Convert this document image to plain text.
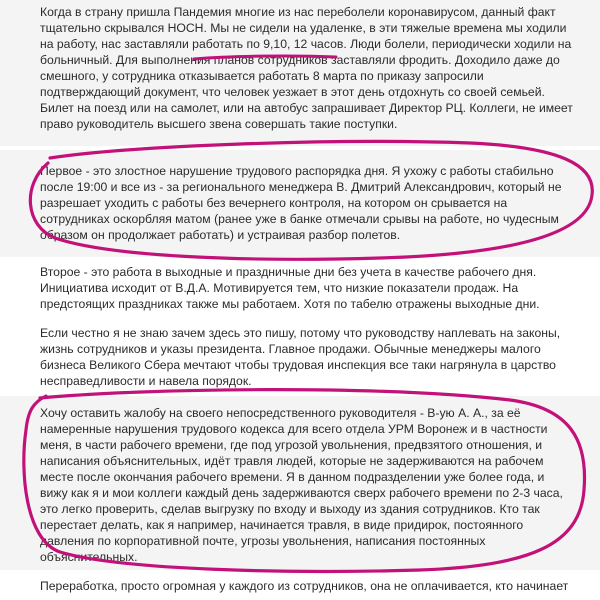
Когда в страну пришла Пандемия многие из нас переболели коронавирусом, данный факт
тщательно скрывался НОСН. Мы не сидели на удаленке, в эти тяжелые времена мы ходили
на работу, нас заставляли работать по 9,10, 12 часов. Люди болели, периодически ходили на
больничный. Для выполнения планов сотрудников заставляли фродить. Доходило даже до
смешного, у сотрудника отказывается работать 8 марта по приказу запросили
подтверждающий документ, что человек уезжает в этот день отдохнуть со своей семьей.
Билет на поезд или на самолет, или на автобус запрашивает Директор РЦ. Коллеги, не имеет
право руководитель высшего звена совершать такие поступки.
Первое - это злостное нарушение трудового распорядка дня. Я ухожу с работы стабильно
после 19:00 и все из - за регионального менеджера В. Дмитрий Александрович, который не
разрешает уходить с работы без вечернего контроля, на котором он срывается на
сотрудниках оскорбляя матом (ранее уже в банке отмечали срывы на работе, но чудесным
образом он продолжает работать) и устраивая разбор полетов.
Второе - это работа в выходные и праздничные дни без учета в качестве рабочего дня.
Инициатива исходит от В.Д.А. Мотивируется тем, что низкие показатели продаж. На
предстоящих праздниках также мы работаем. Хотя по табелю отражены выходные дни.
Если честно я не знаю зачем здесь это пишу, потому что руководству наплевать на законы,
жизнь сотрудников и указы президента. Главное продажи. Обычные менеджеры малого
бизнеса Великого Сбера мечтают чтобы трудовая инспекция все таки нагрянула в царство
несправедливости и навела порядок.
Хочу оставить жалобу на своего непосредственного руководителя - В-ую А. А., за её
намеренные нарушения трудового кодекса для всего отдела УРМ Воронеж и в частности
меня, в части рабочего времени, где под угрозой увольнения, предвзятого отношения, и
написания объяснительных, идёт травля людей, которые не задерживаются на рабочем
месте после окончания рабочего времени. Я в данном подразделении уже более года, и
вижу как я и мои коллеги каждый день задерживаются сверх рабочего времени по 2-3 часа,
это легко проверить, сделав выгрузку по входу и выходу из здания сотрудников. Кто так
перестает делать, как я например, начинается травля, в виде придирок, постоянного
давления по корпоративной почте, угрозы увольнения, написания постоянных
объяснительных.
Переработка, просто огромная у каждого из сотрудников, она не оплачивается, кто начинает
